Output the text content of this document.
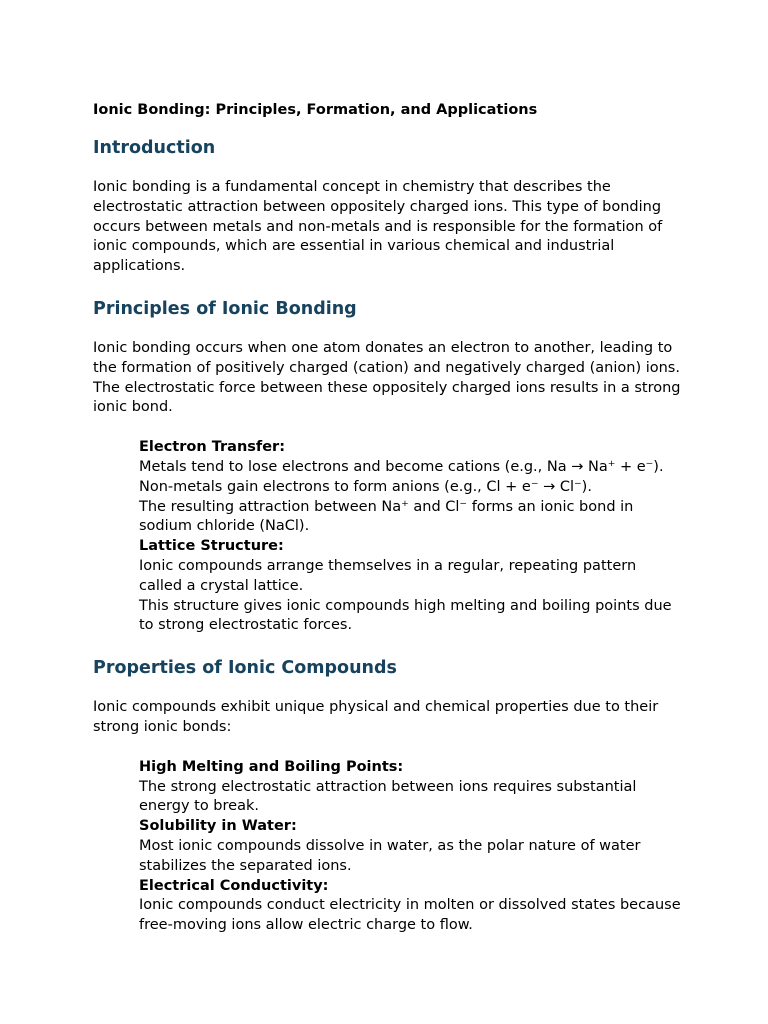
Ionic Bonding: Principles, Formation, and Applications
Introduction

Ionic bonding is a fundamental concept in chemistry that describes the electrostatic attraction between oppositely charged ions. This type of bonding occurs between metals and non-metals and is responsible for the formation of ionic compounds, which are essential in various chemical and industrial applications.

Principles of Ionic Bonding

Ionic bonding occurs when one atom donates an electron to another, leading to the formation of positively charged (cation) and negatively charged (anion) ions. The electrostatic force between these oppositely charged ions results in a strong ionic bond.

Electron Transfer:
Metals tend to lose electrons and become cations (e.g., Na → Na⁺ + e⁻).
Non-metals gain electrons to form anions (e.g., Cl + e⁻ → Cl⁻).
The resulting attraction between Na⁺ and Cl⁻ forms an ionic bond in sodium chloride (NaCl).
Lattice Structure:
Ionic compounds arrange themselves in a regular, repeating pattern called a crystal lattice.
This structure gives ionic compounds high melting and boiling points due to strong electrostatic forces.
Properties of Ionic Compounds

Ionic compounds exhibit unique physical and chemical properties due to their strong ionic bonds:

High Melting and Boiling Points:
The strong electrostatic attraction between ions requires substantial energy to break.
Solubility in Water:
Most ionic compounds dissolve in water, as the polar nature of water stabilizes the separated ions.
Electrical Conductivity:
Ionic compounds conduct electricity in molten or dissolved states because free-moving ions allow electric charge to flow.
